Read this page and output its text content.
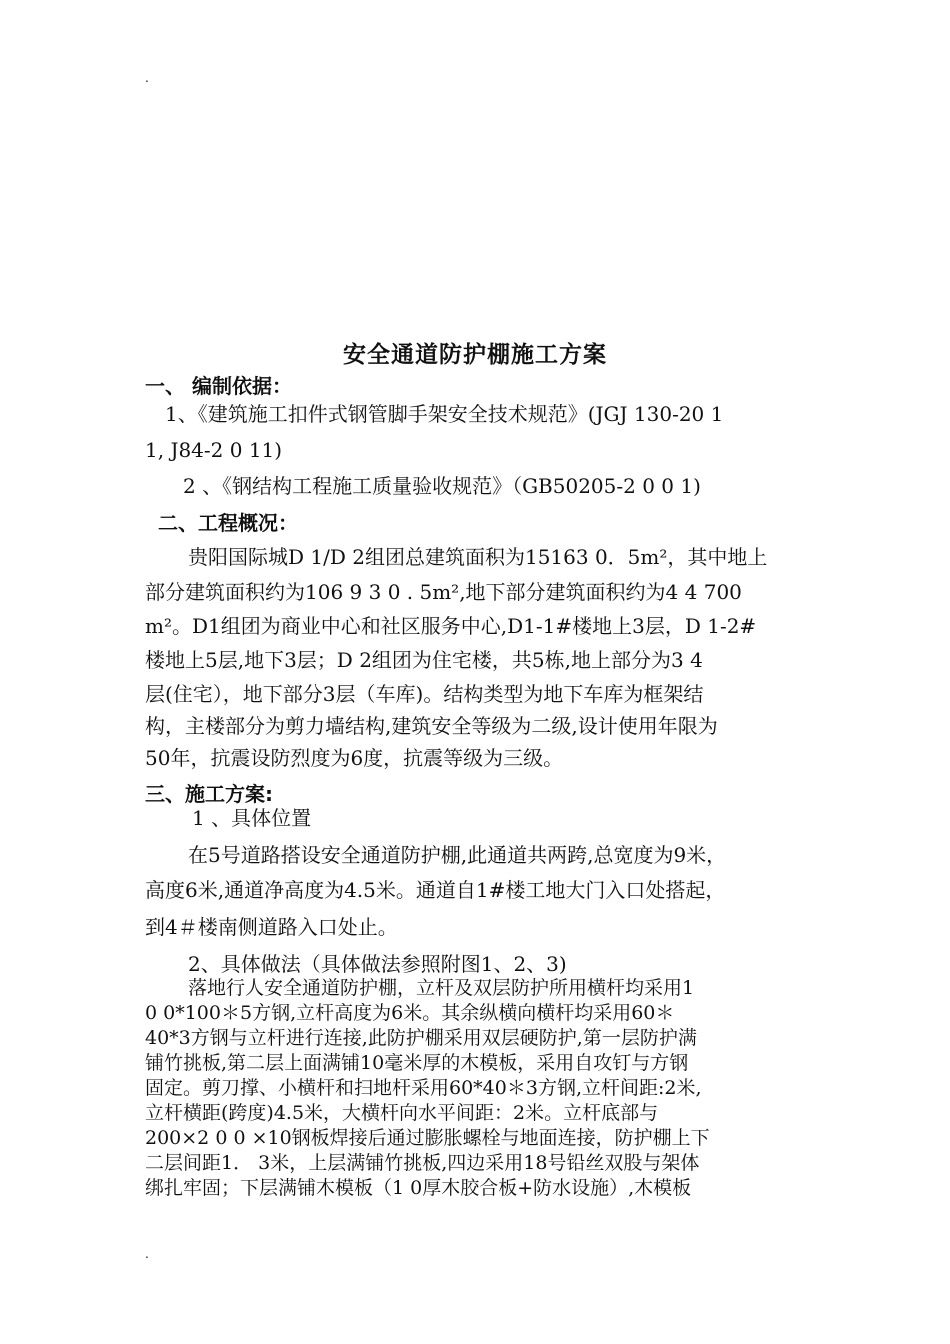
.
安全通道防护棚施工方案
一、 编制依据：
1、《建筑施工扣件式钢管脚手架安全技术规范》(JGJ 130-20 1
1, J84-2 0 11)
2 、《钢结构工程施工质量验收规范》（GB50205-2 0 0 1)
二、工程概况：
贵阳国际城D 1/D 2组团总建筑面积为15163 0．5m²，其中地上
部分建筑面积约为106 9 3 0 . 5m²,地下部分建筑面积约为4 4 700
m²。D1组团为商业中心和社区服务中心,D1-1#楼地上3层，D 1-2#
楼地上5层,地下3层；D 2组团为住宅楼，共5栋,地上部分为3 4
层(住宅），地下部分3层（车库)。结构类型为地下车库为框架结
构，主楼部分为剪力墙结构,建筑安全等级为二级,设计使用年限为
50年，抗震设防烈度为6度，抗震等级为三级。
三、施工方案:
1 、具体位置
在5号道路搭设安全通道防护棚,此通道共两跨,总宽度为9米，
高度6米,通道净高度为4.5米。通道自1#楼工地大门入口处搭起，
到4＃楼南侧道路入口处止。
2、具体做法（具体做法参照附图1、2、3)
落地行人安全通道防护棚，立杆及双层防护所用横杆均采用1
0 0*100＊5方钢,立杆高度为6米。其余纵横向横杆均采用60＊
40*3方钢与立杆进行连接,此防护棚采用双层硬防护,第一层防护满
铺竹挑板,第二层上面满铺10毫米厚的木模板，采用自攻钉与方钢
固定。剪刀撑、小横杆和扫地杆采用60*40＊3方钢,立杆间距:2米,
立杆横距(跨度)4.5米，大横杆向水平间距：2米。立杆底部与
200×2 0 0 ×10钢板焊接后通过膨胀螺栓与地面连接，防护棚上下
二层间距1． 3米，上层满铺竹挑板,四边采用18号铅丝双股与架体
绑扎牢固；下层满铺木模板（1 0厚木胶合板+防水设施）,木模板
.
